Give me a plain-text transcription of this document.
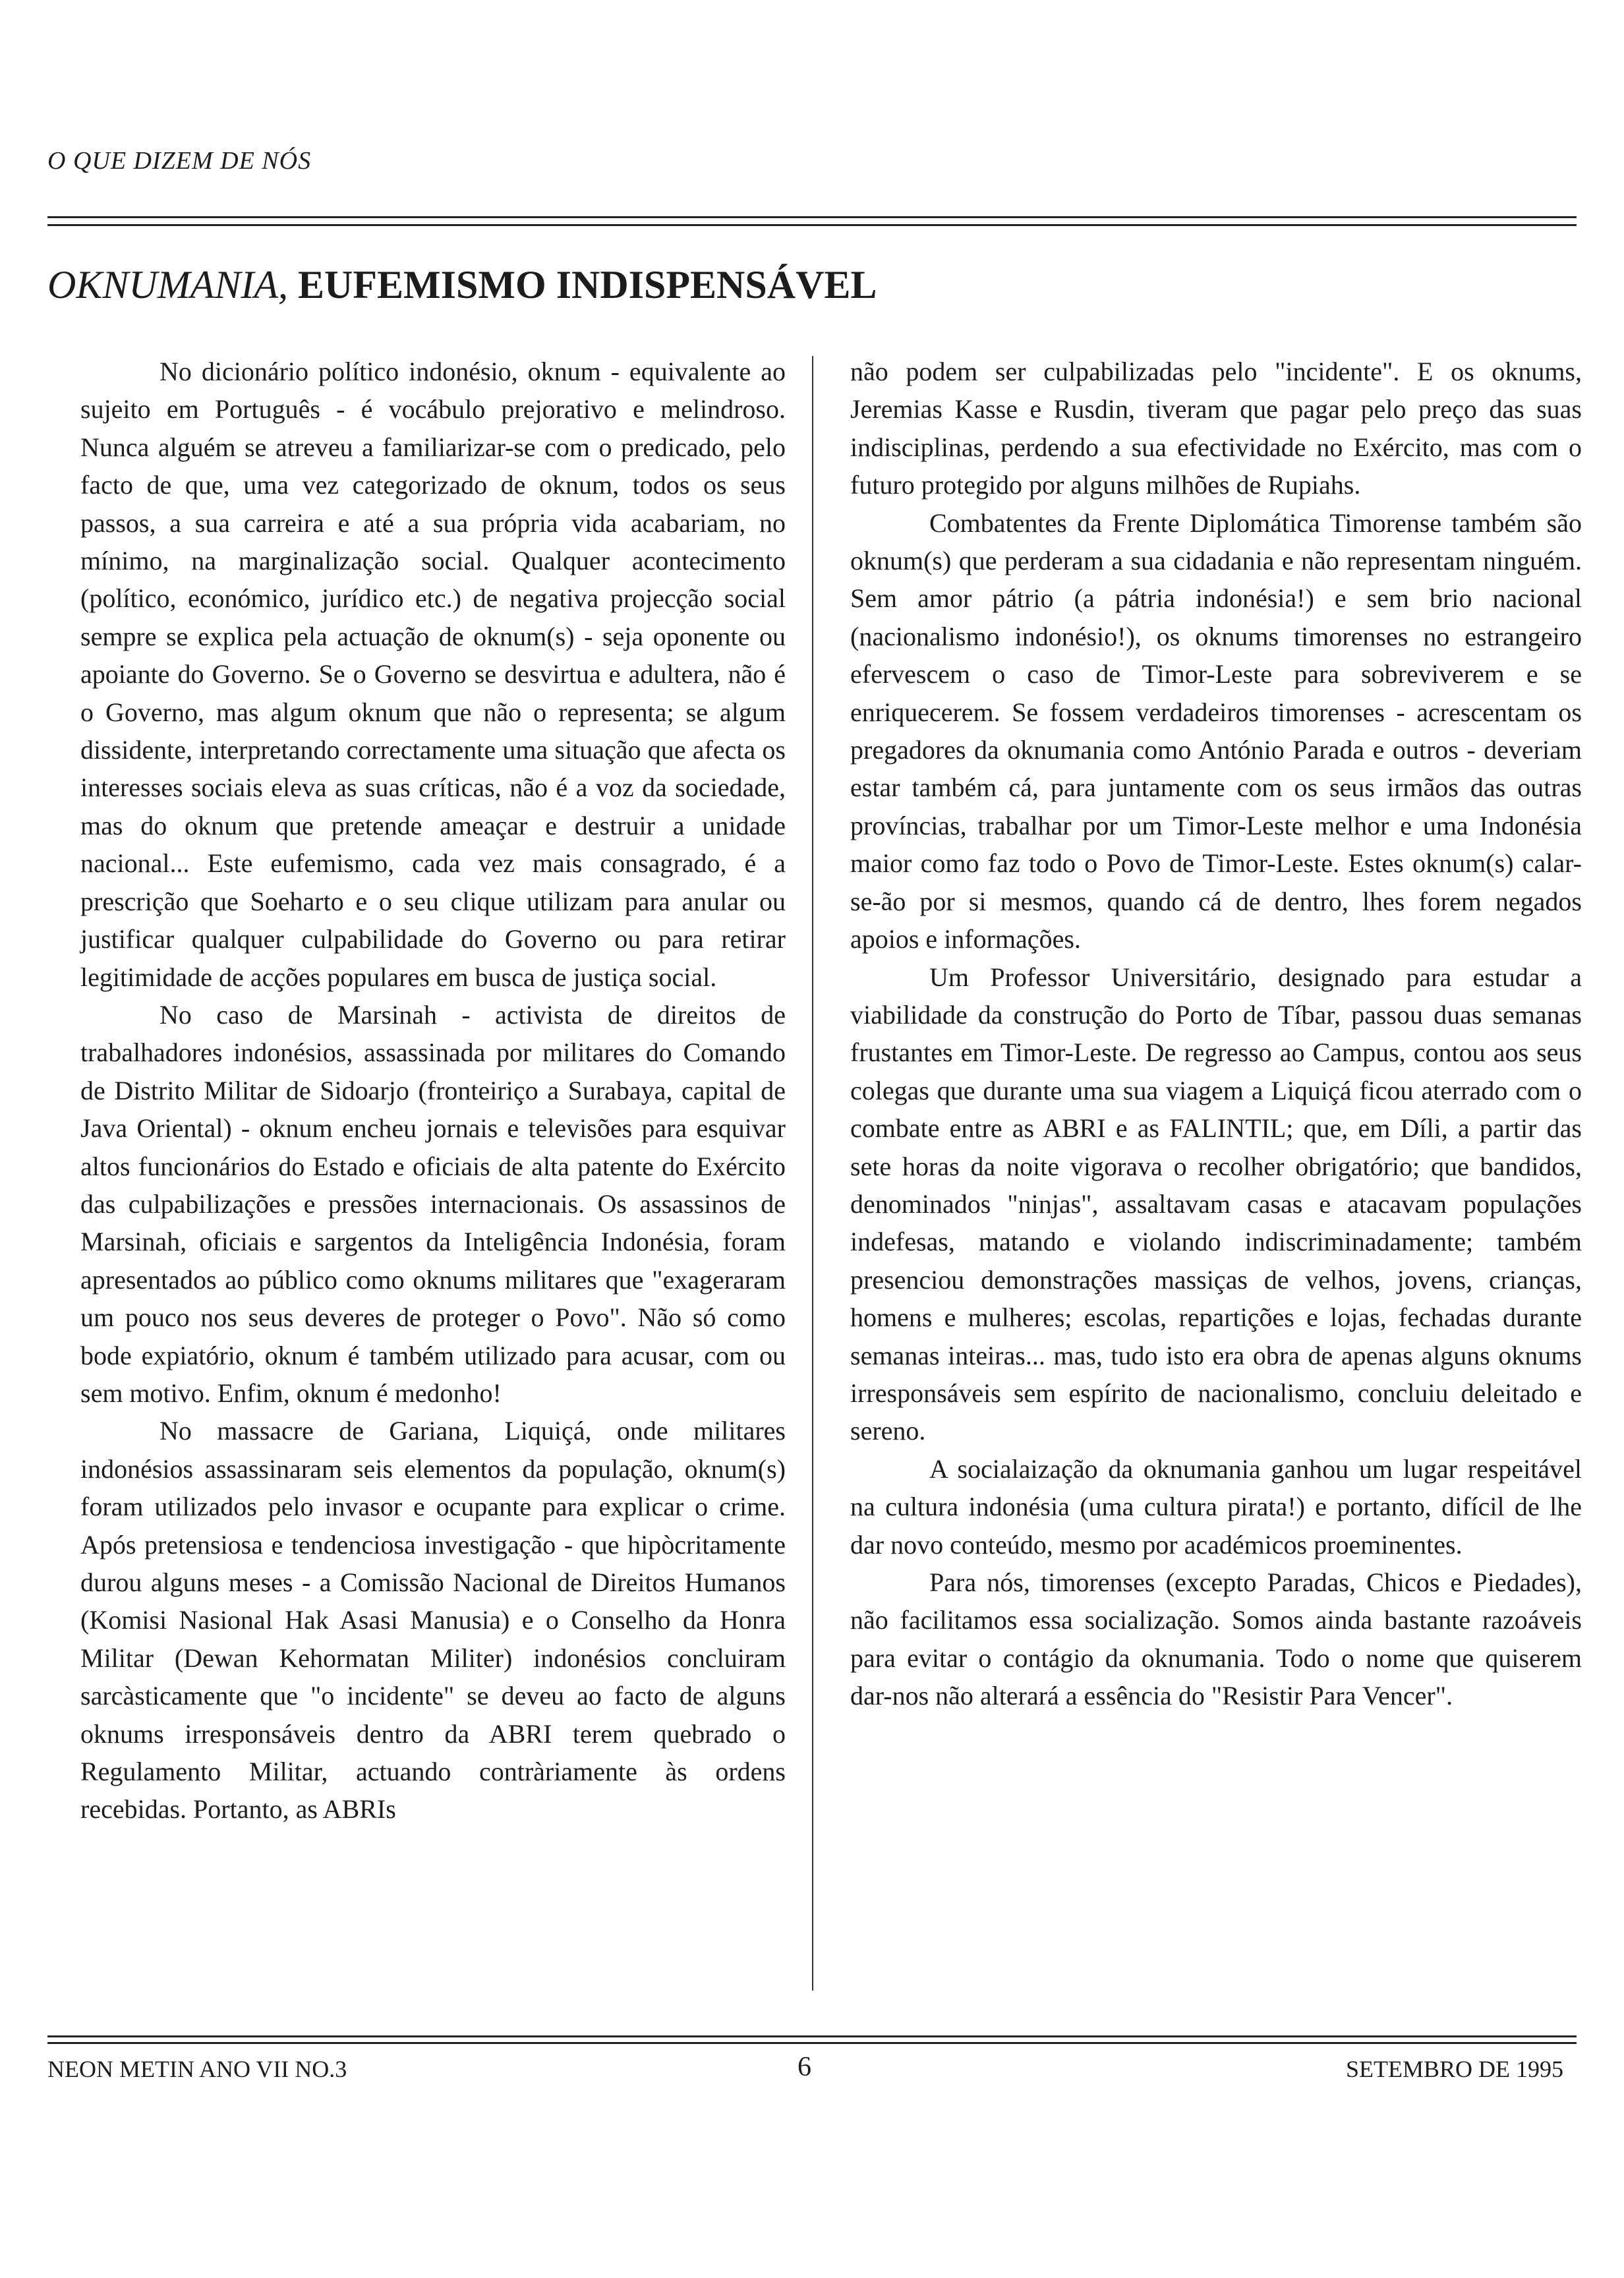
O QUE DIZEM DE NÓS
OKNUMANIA, EUFEMISMO INDISPENSÁVEL

No dicionário político indonésio, oknum - equivalente ao sujeito em Português - é vocábulo prejorativo e melindroso. Nunca alguém se atreveu a familiarizar-se com o predicado, pelo facto de que, uma vez categorizado de oknum, todos os seus passos, a sua carreira e até a sua própria vida acabariam, no mínimo, na marginalização social. Qualquer acontecimento (político, económico, jurídico etc.) de negativa projecção social sempre se explica pela actuação de oknum(s) - seja oponente ou apoiante do Governo. Se o Governo se desvirtua e adultera, não é o Governo, mas algum oknum que não o representa; se algum dissidente, interpretando correctamente uma situação que afecta os interesses sociais eleva as suas críticas, não é a voz da sociedade, mas do oknum que pretende ameaçar e destruir a unidade nacional... Este eufemismo, cada vez mais consagrado, é a prescrição que Soeharto e o seu clique utilizam para anular ou justificar qualquer culpabilidade do Governo ou para retirar legitimidade de acções populares em busca de justiça social.

No caso de Marsinah - activista de direitos de trabalhadores indonésios, assassinada por militares do Comando de Distrito Militar de Sidoarjo (fronteiriço a Surabaya, capital de Java Oriental) - oknum encheu jornais e televisões para esquivar altos funcionários do Estado e oficiais de alta patente do Exército das culpabilizações e pressões internacionais. Os assassinos de Marsinah, oficiais e sargentos da Inteligência Indonésia, foram apresentados ao público como oknums militares que "exageraram um pouco nos seus deveres de proteger o Povo". Não só como bode expiatório, oknum é também utilizado para acusar, com ou sem motivo. Enfim, oknum é medonho!

No massacre de Gariana, Liquiçá, onde militares indonésios assassinaram seis elementos da população, oknum(s) foram utilizados pelo invasor e ocupante para explicar o crime. Após pretensiosa e tendenciosa investigação - que hipòcritamente durou alguns meses - a Comissão Nacional de Direitos Humanos (Komisi Nasional Hak Asasi Manusia) e o Conselho da Honra Militar (Dewan Kehormatan Militer) indonésios concluiram sarcàsticamente que "o incidente" se deveu ao facto de alguns oknums irresponsáveis dentro da ABRI terem quebrado o Regulamento Militar, actuando contràriamente às ordens recebidas. Portanto, as ABRIs

não podem ser culpabilizadas pelo "incidente". E os oknums, Jeremias Kasse e Rusdin, tiveram que pagar pelo preço das suas indisciplinas, perdendo a sua efectividade no Exército, mas com o futuro protegido por alguns milhões de Rupiahs.

Combatentes da Frente Diplomática Timorense também são oknum(s) que perderam a sua cidadania e não representam ninguém. Sem amor pátrio (a pátria indonésia!) e sem brio nacional (nacionalismo indonésio!), os oknums timorenses no estrangeiro efervescem o caso de Timor-Leste para sobreviverem e se enriquecerem. Se fossem verdadeiros timorenses - acrescentam os pregadores da oknumania como António Parada e outros - deveriam estar também cá, para juntamente com os seus irmãos das outras províncias, trabalhar por um Timor-Leste melhor e uma Indonésia maior como faz todo o Povo de Timor-Leste. Estes oknum(s) calar-se-ão por si mesmos, quando cá de dentro, lhes forem negados apoios e informações.

Um Professor Universitário, designado para estudar a viabilidade da construção do Porto de Tíbar, passou duas semanas frustantes em Timor-Leste. De regresso ao Campus, contou aos seus colegas que durante uma sua viagem a Liquiçá ficou aterrado com o combate entre as ABRI e as FALINTIL; que, em Díli, a partir das sete horas da noite vigorava o recolher obrigatório; que bandidos, denominados "ninjas", assaltavam casas e atacavam populações indefesas, matando e violando indiscriminadamente; também presenciou demonstrações massiças de velhos, jovens, crianças, homens e mulheres; escolas, repartições e lojas, fechadas durante semanas inteiras... mas, tudo isto era obra de apenas alguns oknums irresponsáveis sem espírito de nacionalismo, concluiu deleitado e sereno.

A socialaização da oknumania ganhou um lugar respeitável na cultura indonésia (uma cultura pirata!) e portanto, difícil de lhe dar novo conteúdo, mesmo por académicos proeminentes.

Para nós, timorenses (excepto Paradas, Chicos e Piedades), não facilitamos essa socialização. Somos ainda bastante razoáveis para evitar o contágio da oknumania. Todo o nome que quiserem dar-nos não alterará a essência do "Resistir Para Vencer".

NEON METIN ANO VII NO.3	6	SETEMBRO DE 1995
